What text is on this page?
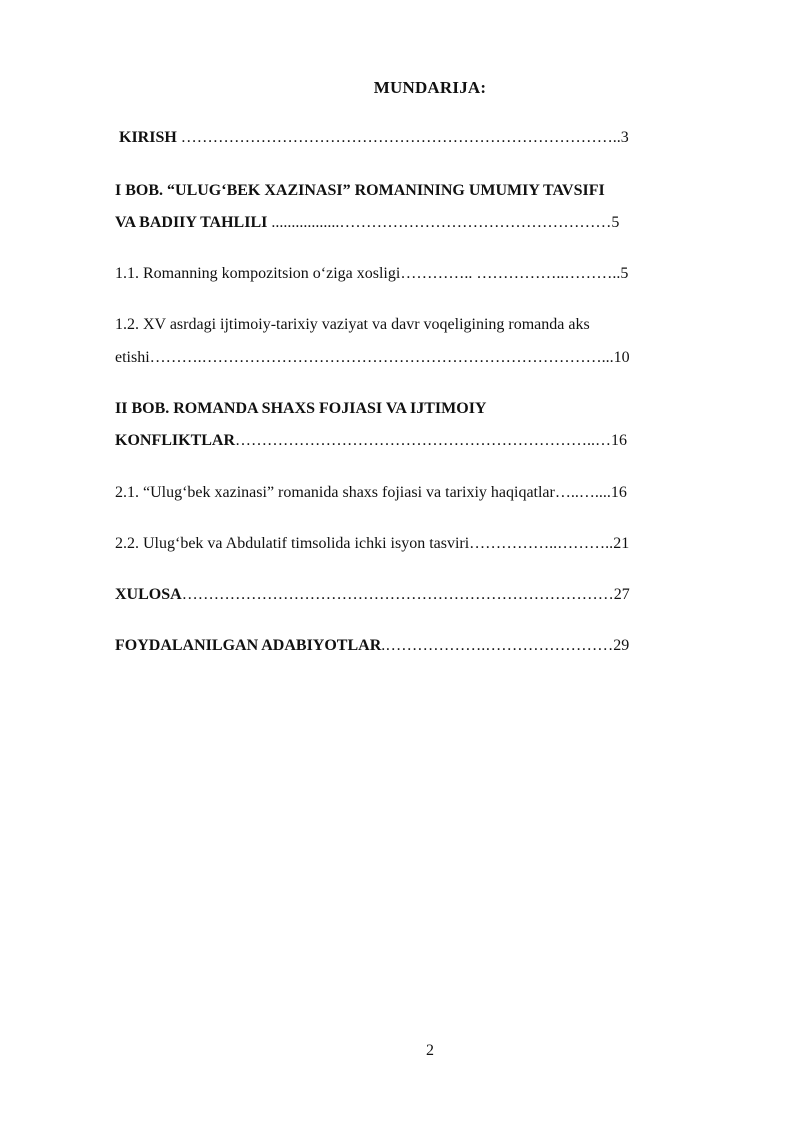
MUNDARIJA:
KIRISH ………………………………………………………………………..3
I BOB. “ULUG‘BEK XAZINASI” ROMANINING UMUMIY TAVSIFI
VA BADIIY TAHLILI .................……………………………………………5
1.1. Romanning kompozitsion o‘ziga xosligi………….. ……………..………..5
1.2. XV asrdagi ijtimoiy-tarixiy vaziyat va davr voqeligining romanda aks
etishi……….…………………………………………………………………...10
II BOB. ROMANDA SHAXS FOJIASI VA IJTIMOIY
KONFLIKTLAR…………………………………………………………..…16
2.1. “Ulug‘bek xazinasi” romanida shaxs fojiasi va tarixiy haqiqatlar…..…....16
2.2. Ulug‘bek va Abdulatif timsolida ichki isyon tasviri……………..………..21
XULOSA………………………………………………………………………27
FOYDALANILGAN ADABIYOTLAR.……………….……………………29
2
